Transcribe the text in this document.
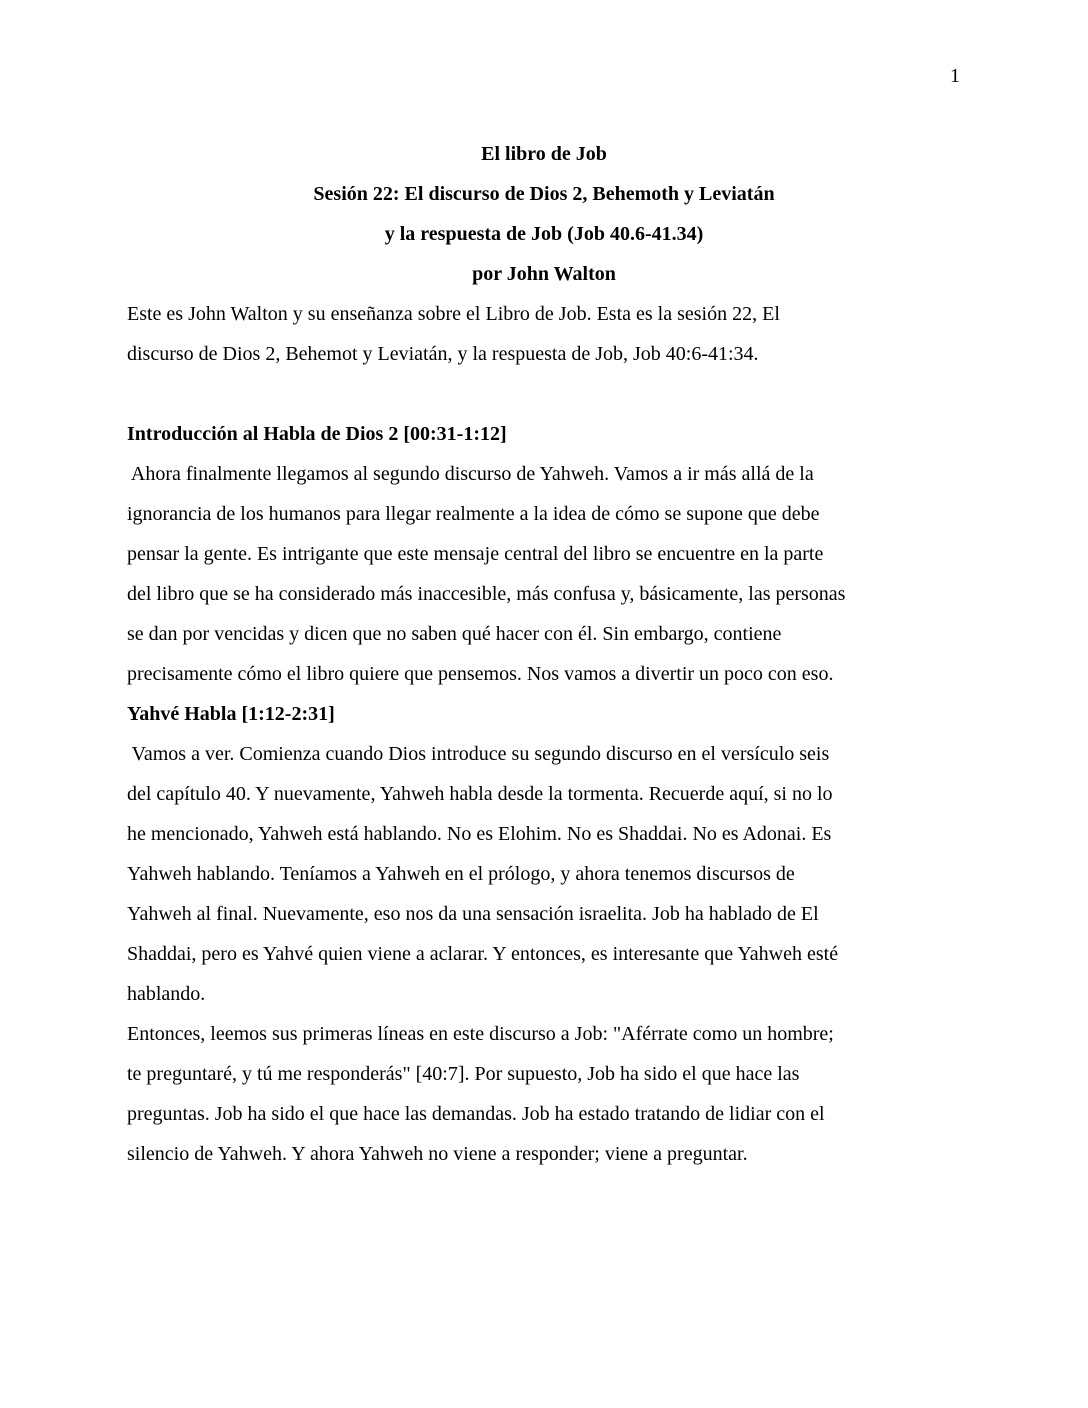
1
El libro de Job
Sesión 22: El discurso de Dios 2, Behemoth y Leviatán
y la respuesta de Job (Job 40.6-41.34)
por John Walton
Este es John Walton y su enseñanza sobre el Libro de Job. Esta es la sesión 22, El
discurso de Dios 2, Behemot y Leviatán, y la respuesta de Job, Job 40:6-41:34.

Introducción al Habla de Dios 2 [00:31-1:12]
Ahora finalmente llegamos al segundo discurso de Yahweh. Vamos a ir más allá de la
ignorancia de los humanos para llegar realmente a la idea de cómo se supone que debe
pensar la gente. Es intrigante que este mensaje central del libro se encuentre en la parte
del libro que se ha considerado más inaccesible, más confusa y, básicamente, las personas
se dan por vencidas y dicen que no saben qué hacer con él. Sin embargo, contiene
precisamente cómo el libro quiere que pensemos. Nos vamos a divertir un poco con eso.
Yahvé Habla [1:12-2:31]
Vamos a ver. Comienza cuando Dios introduce su segundo discurso en el versículo seis
del capítulo 40. Y nuevamente, Yahweh habla desde la tormenta. Recuerde aquí, si no lo
he mencionado, Yahweh está hablando. No es Elohim. No es Shaddai. No es Adonai. Es
Yahweh hablando. Teníamos a Yahweh en el prólogo, y ahora tenemos discursos de
Yahweh al final. Nuevamente, eso nos da una sensación israelita. Job ha hablado de El
Shaddai, pero es Yahvé quien viene a aclarar. Y entonces, es interesante que Yahweh esté
hablando.
Entonces, leemos sus primeras líneas en este discurso a Job: "Aférrate como un hombre;
te preguntaré, y tú me responderás" [40:7]. Por supuesto, Job ha sido el que hace las
preguntas. Job ha sido el que hace las demandas. Job ha estado tratando de lidiar con el
silencio de Yahweh. Y ahora Yahweh no viene a responder; viene a preguntar.
